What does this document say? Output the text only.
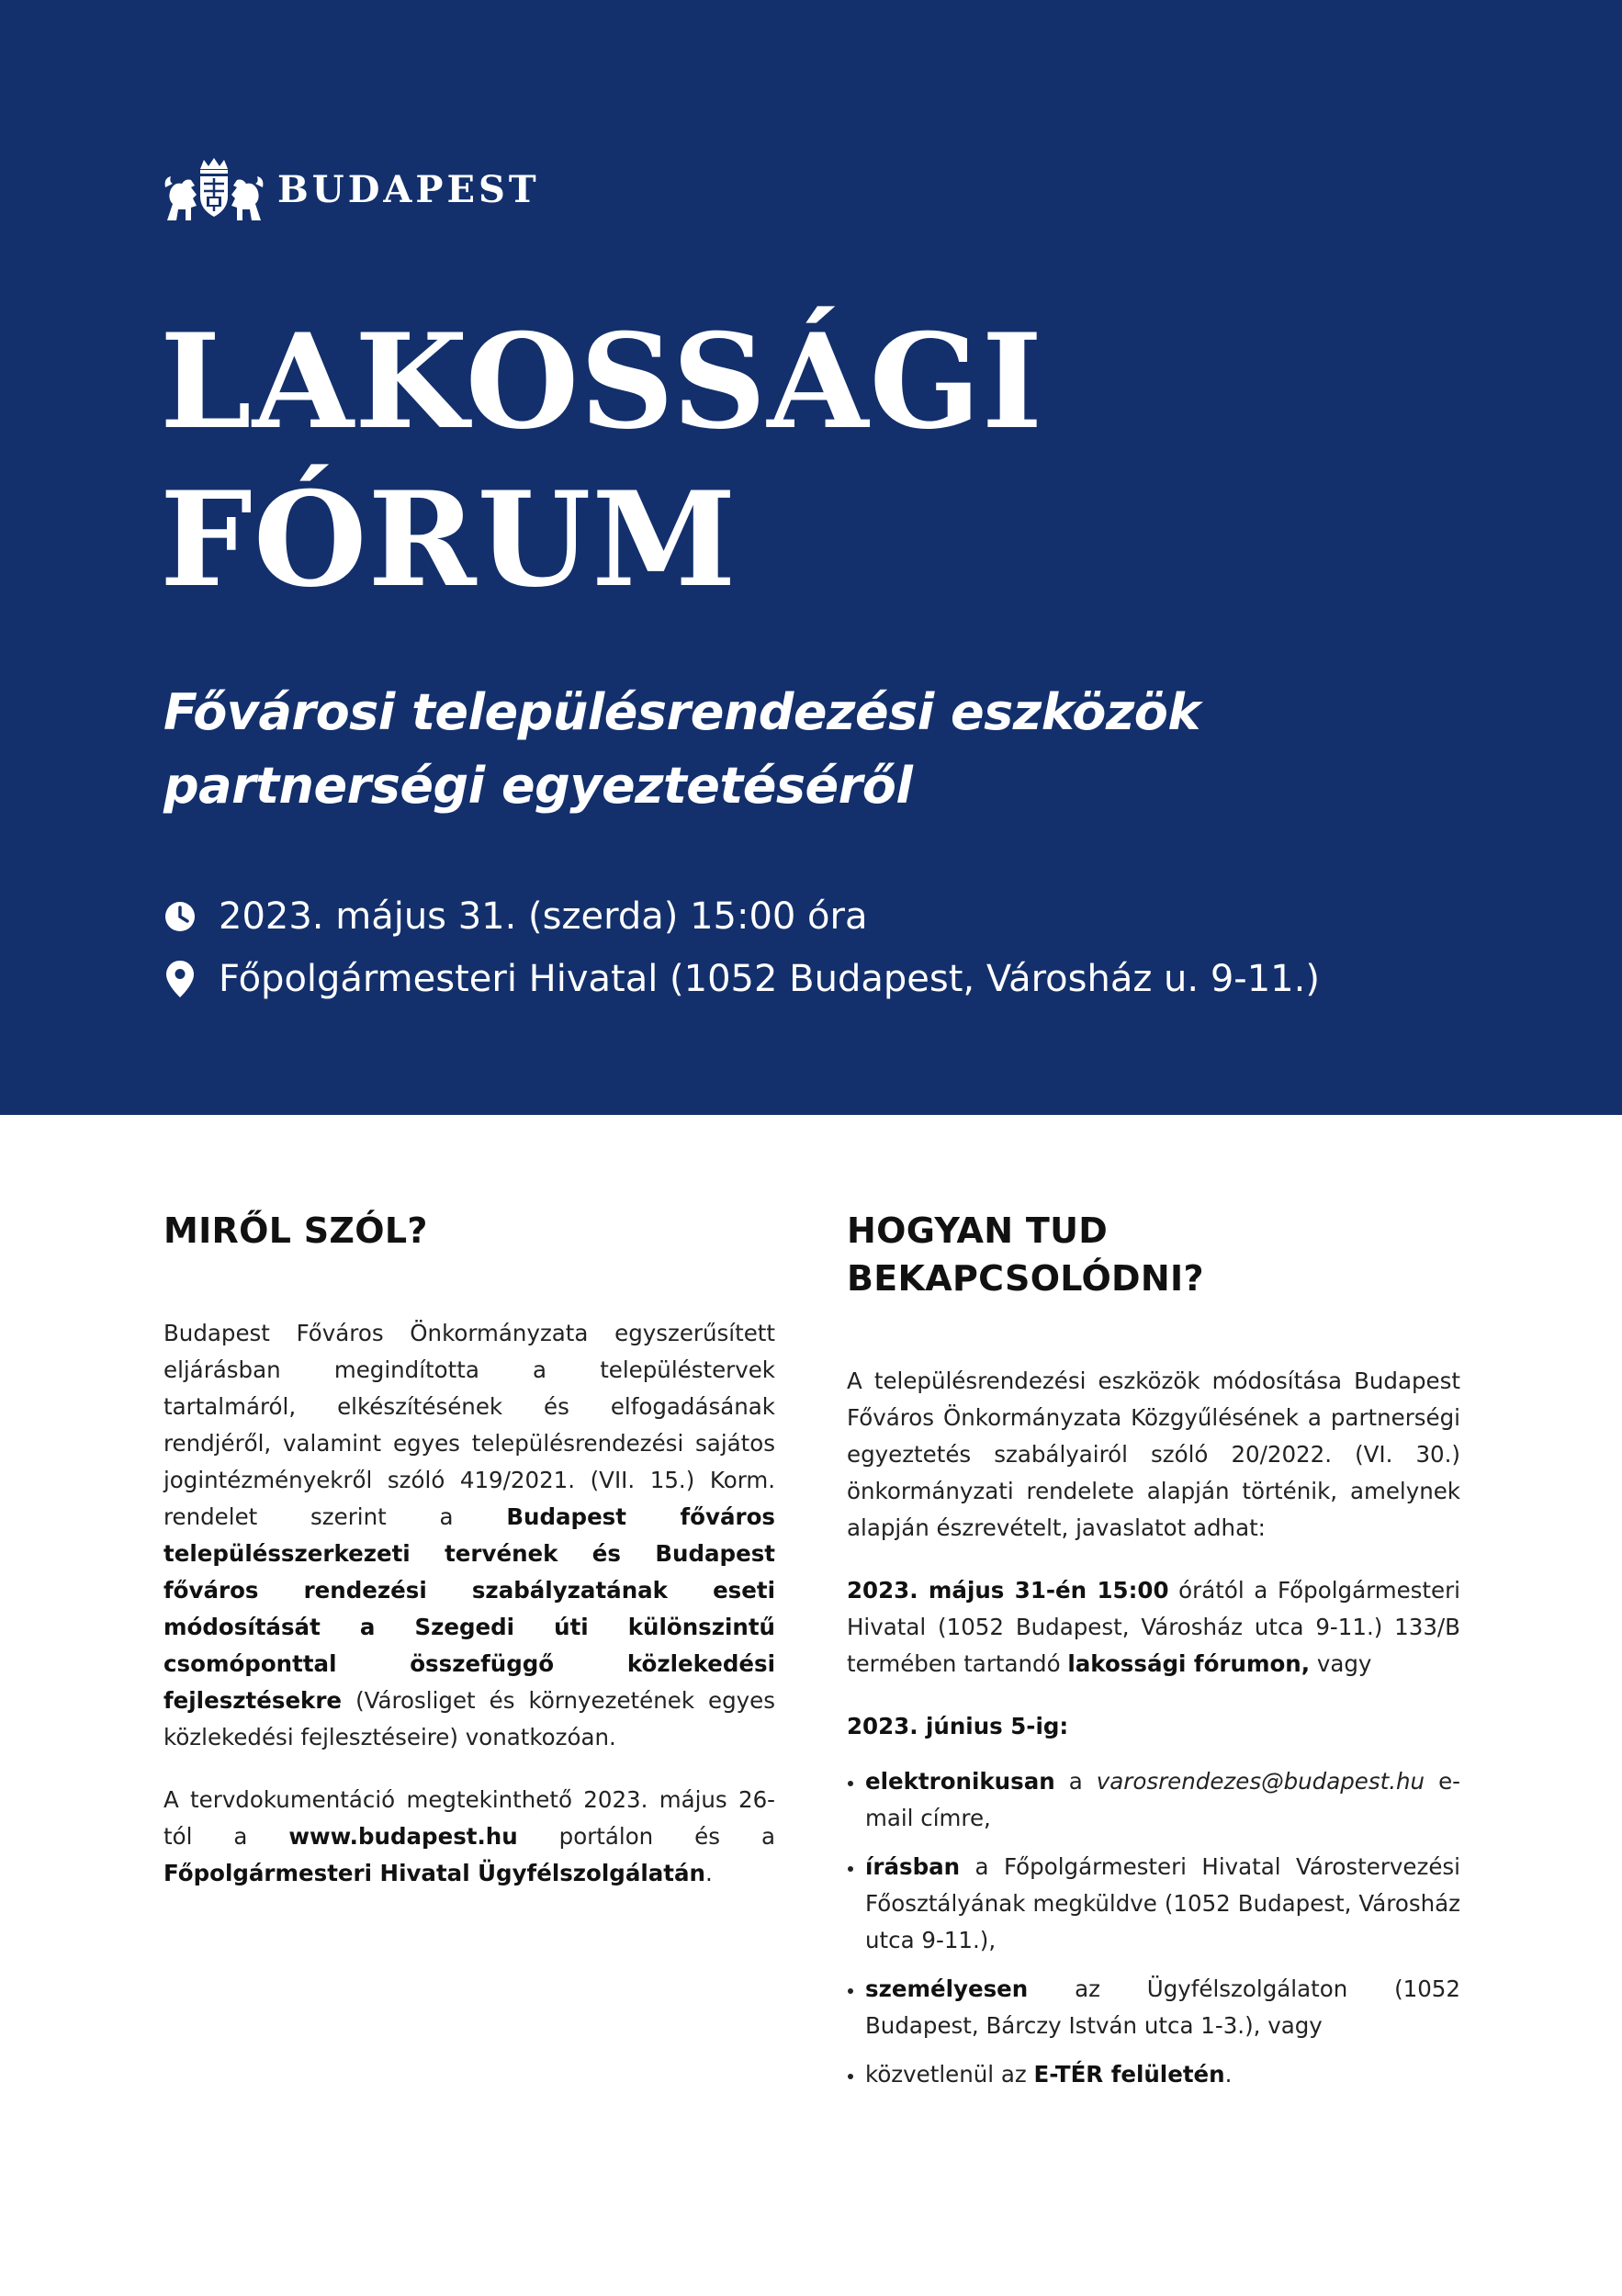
BUDAPEST
LAKOSSÁGI
FÓRUM
Fővárosi településrendezési eszközök
partnerségi egyeztetéséről
2023. május 31. (szerda) 15:00 óra
Főpolgármesteri Hivatal (1052 Budapest, Városház u. 9-11.)
MIRŐL SZÓL?

Budapest Főváros Önkormányzata egyszerűsített eljárásban megindította a településtervek tartalmáról, elkészítésének és elfogadásának rendjéről, valamint egyes településrendezési sajátos jogintézményekről szóló 419/2021. (VII. 15.) Korm. rendelet szerint a Budapest főváros településszerkezeti tervének és Budapest főváros rendezési szabályzatának eseti módosítását a Szegedi úti különszintű csomóponttal összefüggő közlekedési fejlesztésekre (Városliget és környezetének egyes közlekedési fejlesztéseire) vonatkozóan.

A tervdokumentáció megtekinthető 2023. május 26-tól a www.budapest.hu portálon és a Főpolgármesteri Hivatal Ügyfélszolgálatán.

HOGYAN TUD BEKAPCSOLÓDNI?

A településrendezési eszközök módosítása Budapest Főváros Önkormányzata Közgyűlésének a partnerségi egyeztetés szabályairól szóló 20/2022. (VI. 30.) önkormányzati rendelete alapján történik, amelynek alapján észrevételt, javaslatot adhat:

2023. május 31-én 15:00 órától a Főpolgármesteri Hivatal (1052 Budapest, Városház utca 9-11.) 133/B termében tartandó lakossági fórumon, vagy

2023. június 5-ig:

elektronikusan a varosrendezes@budapest.hu e-mail címre,
írásban a Főpolgármesteri Hivatal Várostervezési Főosztályának megküldve (1052 Budapest, Városház utca 9-11.),
személyesen az Ügyfélszolgálaton (1052 Budapest, Bárczy István utca 1-3.), vagy
közvetlenül az E-TÉR felületén.
